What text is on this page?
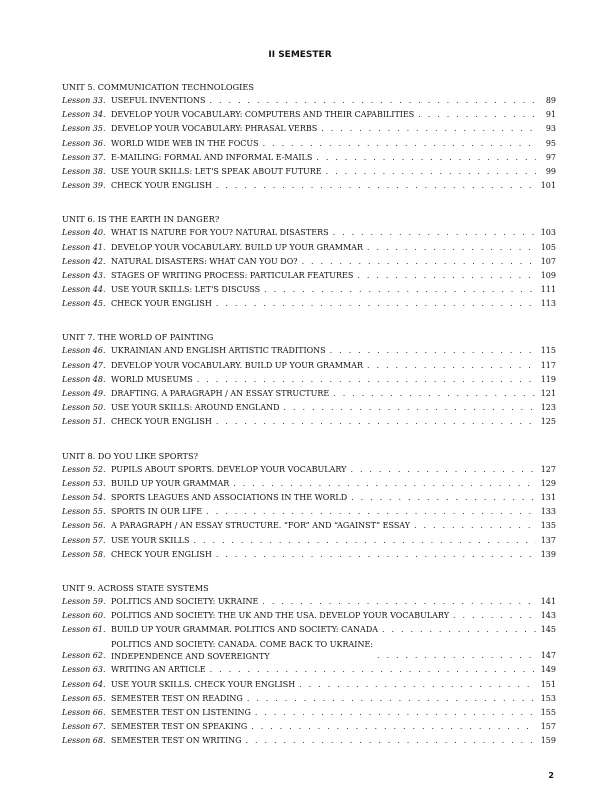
II SEMESTER
UNIT 5. COMMUNICATION TECHNOLOGIES
Lesson 33. USEFUL INVENTIONS . . .	89
Lesson 34. DEVELOP YOUR VOCABULARY: COMPUTERS AND THEIR CAPABILITIES . . .	91
Lesson 35. DEVELOP YOUR VOCABULARY: PHRASAL VERBS . . .	93
Lesson 36. WORLD WIDE WEB IN THE FOCUS . . .	95
Lesson 37. E-MAILING: FORMAL AND INFORMAL E-MAILS . . .	97
Lesson 38. USE YOUR SKILLS: LET'S SPEAK ABOUT FUTURE . . .	99
Lesson 39. CHECK YOUR ENGLISH . . .	101
UNIT 6. IS THE EARTH IN DANGER?
Lesson 40. WHAT IS NATURE FOR YOU? NATURAL DISASTERS . . .	103
Lesson 41. DEVELOP YOUR VOCABULARY. BUILD UP YOUR GRAMMAR . . .	105
Lesson 42. NATURAL DISASTERS: WHAT CAN YOU DO? . . .	107
Lesson 43. STAGES OF WRITING PROCESS: PARTICULAR FEATURES . . .	109
Lesson 44. USE YOUR SKILLS: LET'S DISCUSS . . .	111
Lesson 45. CHECK YOUR ENGLISH . . .	113
UNIT 7. THE WORLD OF PAINTING
Lesson 46. UKRAINIAN AND ENGLISH ARTISTIC TRADITIONS . . .	115
Lesson 47. DEVELOP YOUR VOCABULARY. BUILD UP YOUR GRAMMAR . . .	117
Lesson 48. WORLD MUSEUMS . . .	119
Lesson 49. DRAFTING. A PARAGRAPH / AN ESSAY STRUCTURE . . .	121
Lesson 50. USE YOUR SKILLS: AROUND ENGLAND . . .	123
Lesson 51. CHECK YOUR ENGLISH . . .	125
UNIT 8. DO YOU LIKE SPORTS?
Lesson 52. PUPILS ABOUT SPORTS. DEVELOP YOUR VOCABULARY . . .	127
Lesson 53. BUILD UP YOUR GRAMMAR . . .	129
Lesson 54. SPORTS LEAGUES AND ASSOCIATIONS IN THE WORLD . . .	131
Lesson 55. SPORTS IN OUR LIFE . . .	133
Lesson 56. A PARAGRAPH / AN ESSAY STRUCTURE. “FOR” AND “AGAINST” ESSAY . . .	135
Lesson 57. USE YOUR SKILLS . . .	137
Lesson 58. CHECK YOUR ENGLISH . . .	139
UNIT 9. ACROSS STATE SYSTEMS
Lesson 59. POLITICS AND SOCIETY: UKRAINE . . .	141
Lesson 60. POLITICS AND SOCIETY: THE UK AND THE USA. DEVELOP YOUR VOCABULARY . . .	143
Lesson 61. BUILD UP YOUR GRAMMAR. POLITICS AND SOCIETY: CANADA . . .	145
Lesson 62.
POLITICS AND SOCIETY: CANADA. COME BACK TO UKRAINE:
INDEPENDENCE AND SOVEREIGNTY . . .	147
Lesson 63. WRITING AN ARTICLE . . .	149
Lesson 64. USE YOUR SKILLS. CHECK YOUR ENGLISH . . .	151
Lesson 65. SEMESTER TEST ON READING . . .	153
Lesson 66. SEMESTER TEST ON LISTENING . . .	155
Lesson 67. SEMESTER TEST ON SPEAKING . . .	157
Lesson 68. SEMESTER TEST ON WRITING . . .	159
2
